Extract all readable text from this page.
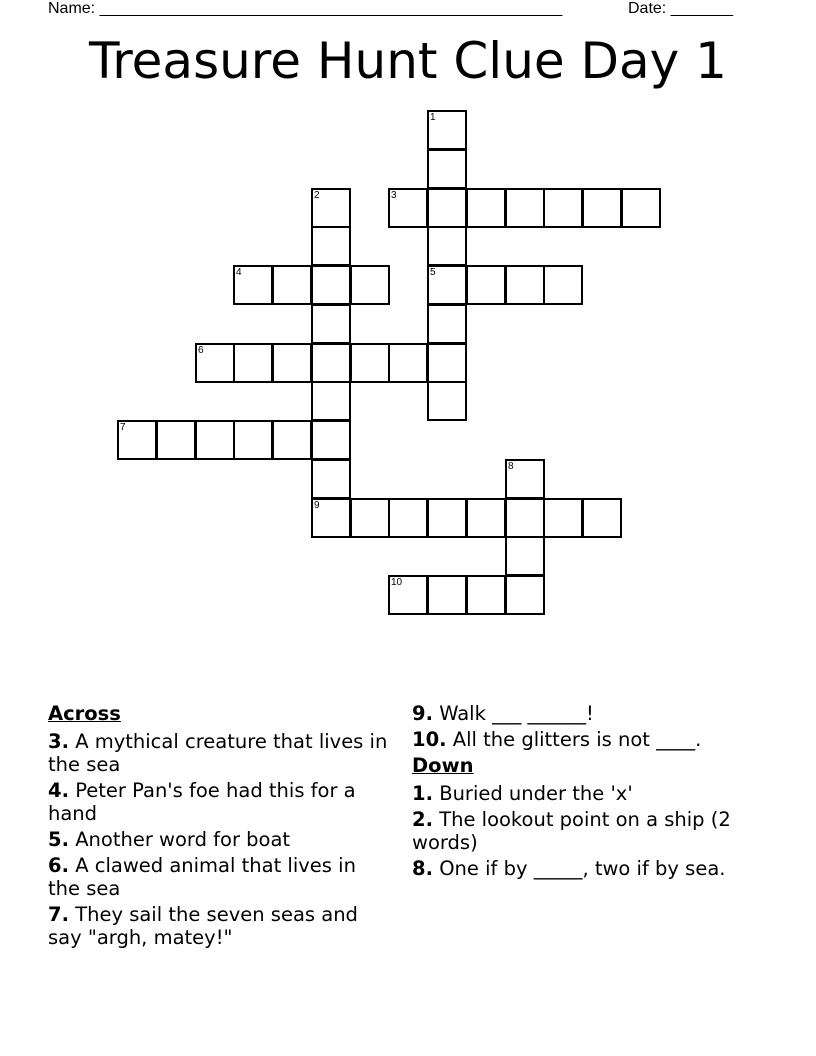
Name: ____________________________________________________	Date: _______
Treasure Hunt Clue Day 1
1
5
2
9
3
4
6
7
8
10
Across
3. A mythical creature that lives in the sea
4. Peter Pan's foe had this for a hand
5. Another word for boat
6. A clawed animal that lives in the sea
7. They sail the seven seas and say "argh, matey!"
9. Walk ___ ______!
10. All the glitters is not ____.
Down
1. Buried under the 'x'
2. The lookout point on a ship (2 words)
8. One if by _____, two if by sea.
